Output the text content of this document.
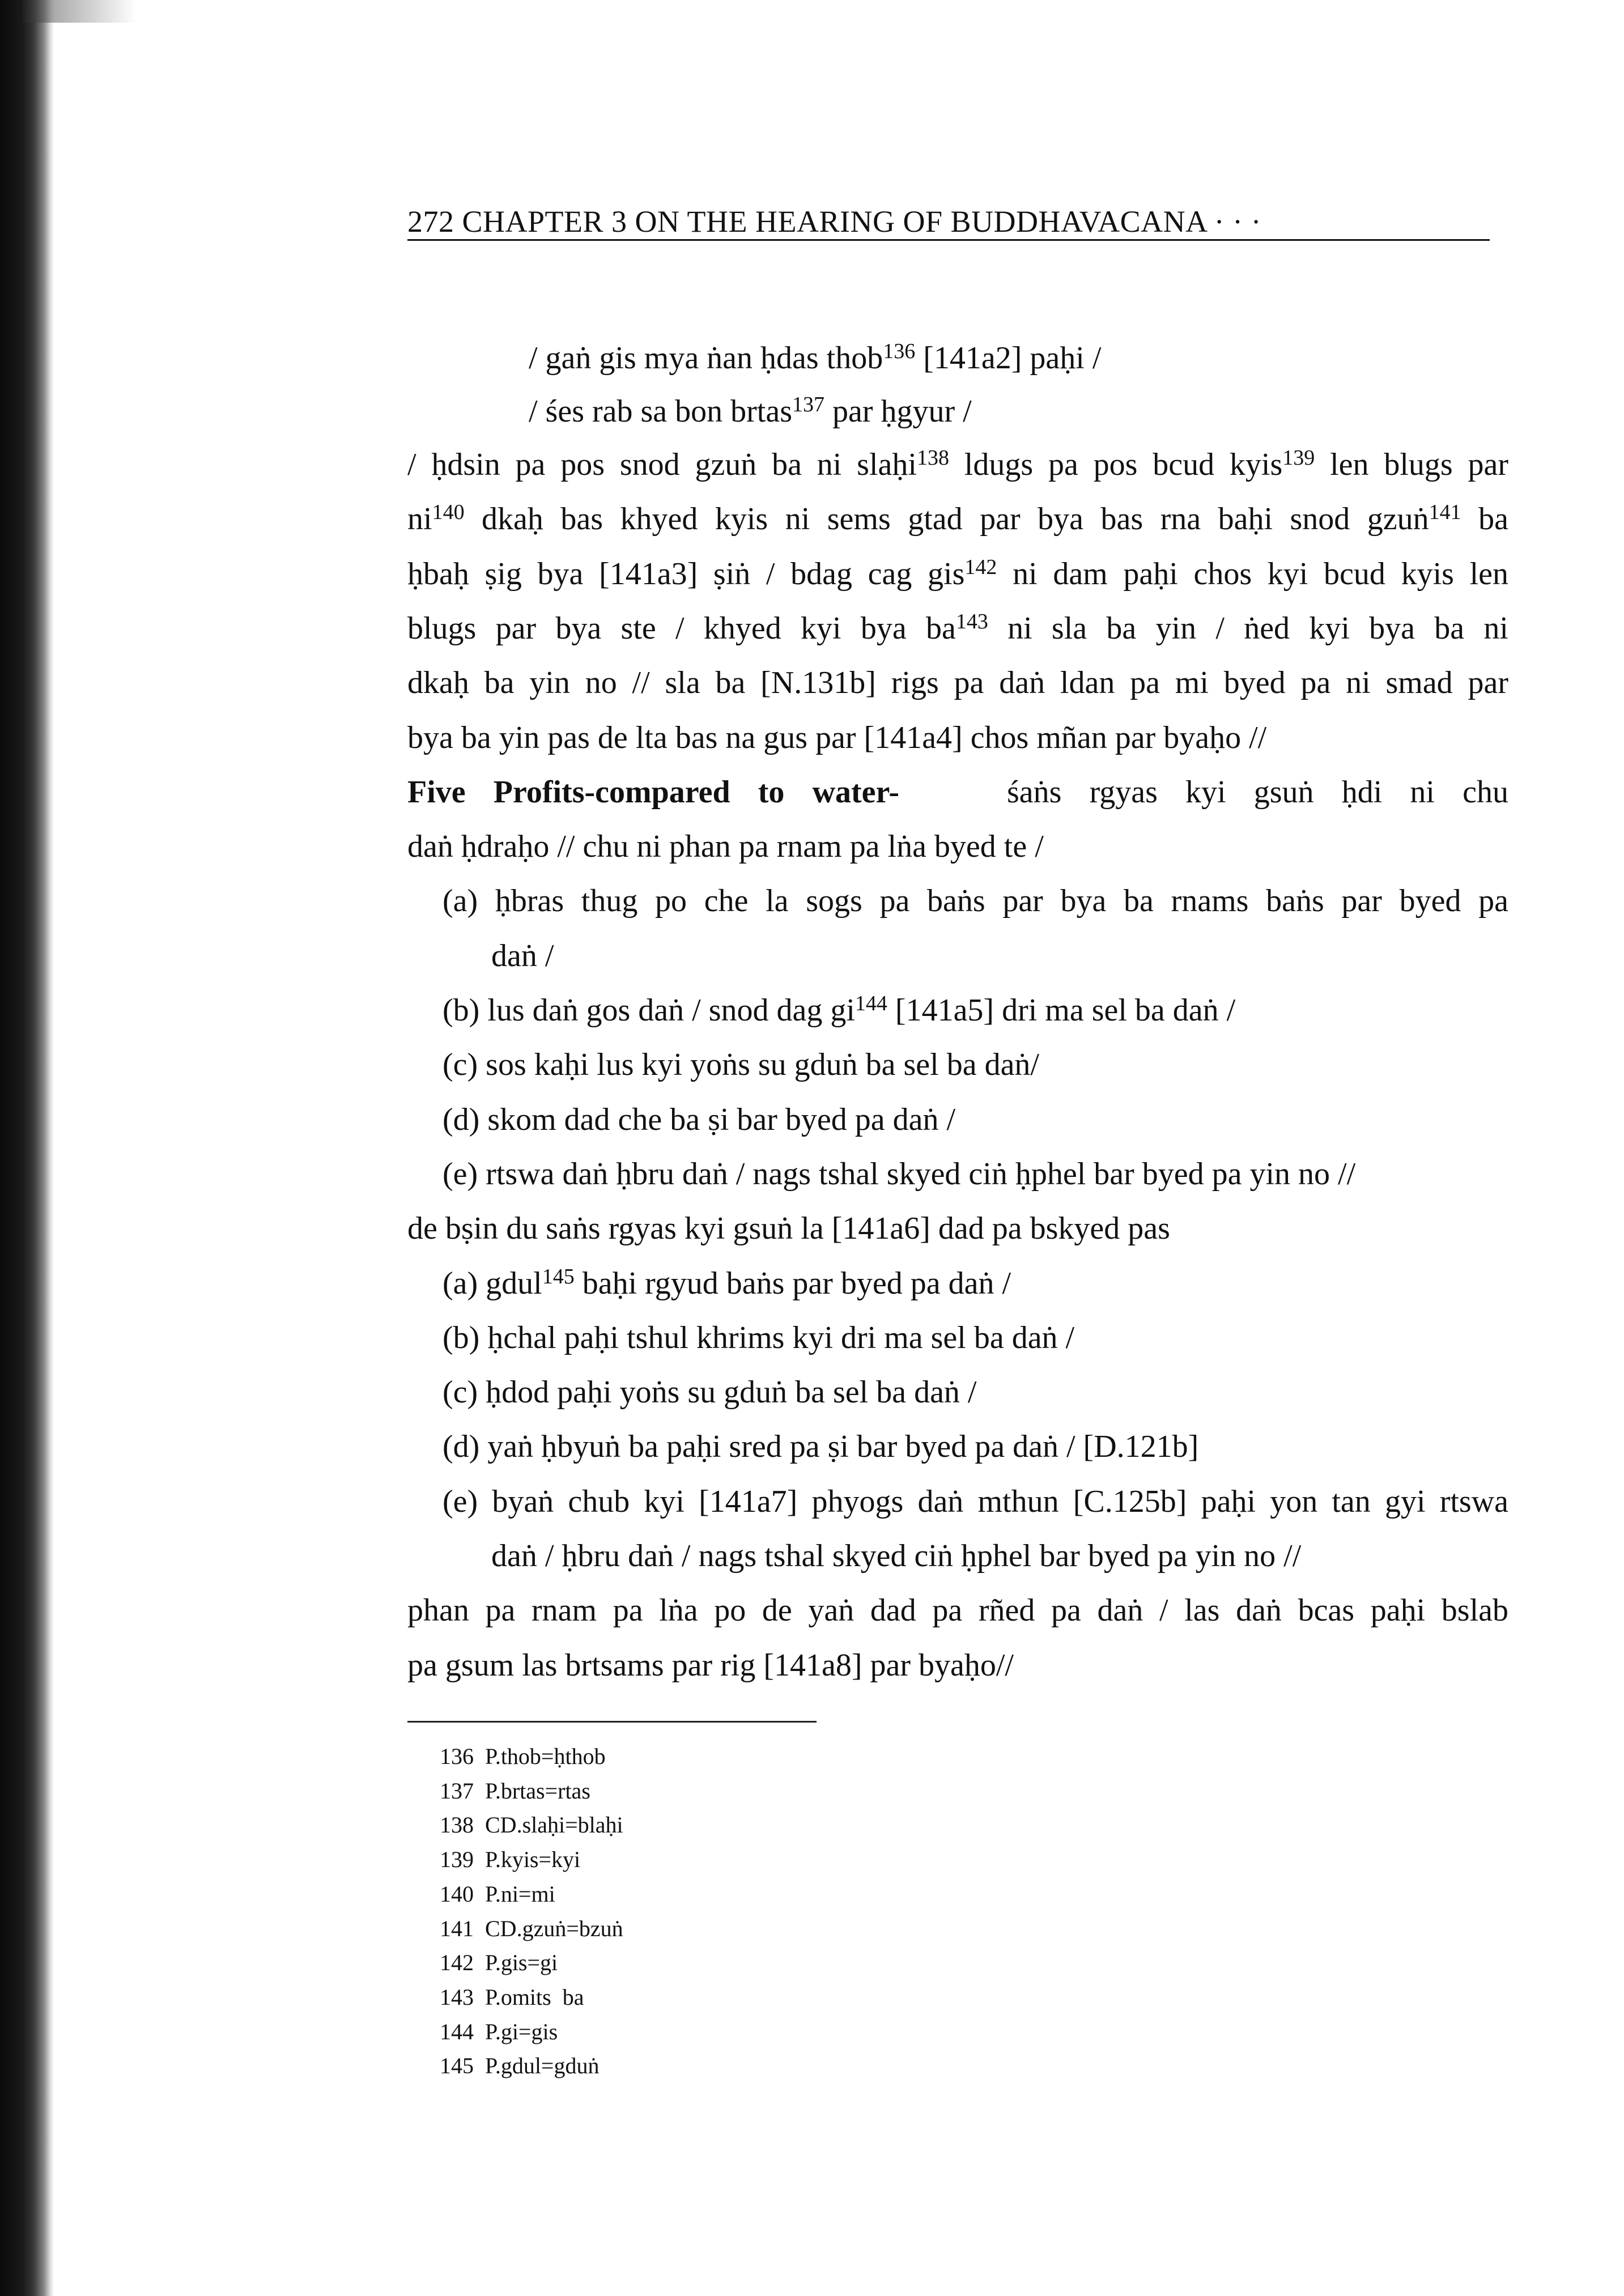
272 CHAPTER 3 ON THE HEARING OF BUDDHAVACANA · · ·
/ gaṅ gis mya ṅan ḥdas thob$^{136}$ [141a2] paḥi /
/ śes rab sa bon brtas$^{137}$ par ḥgyur /
/ ḥdsin pa pos snod gzuṅ ba ni slaḥi$^{138}$ ldugs pa pos bcud kyis$^{139}$ len blugs par
$ni^{140}$ dkaḥ bas khyed kyis ni sems gtad par bya bas rna baḥi snod gzuṅ$^{141}$ ba
ḥbaḥ ṣig bya [141a3] ṣiṅ / bdag cag gis$^{142}$ ni dam paḥi chos kyi bcud kyis len
blugs par bya ste / khyed kyi bya $ba^{143}$ ni sla ba yin / ṅed kyi bya ba ni
dkaḥ ba yin no // sla ba [N.131b] rigs pa daṅ ldan pa mi byed pa ni smad par
bya ba yin pas de lta bas na gus par [141a4] chos mñan par byaḥo //
Five Profits-compared to water-	śaṅs rgyas kyi gsuṅ ḥdi ni chu
daṅ ḥdraḥo // chu ni phan pa rnam pa lṅa byed te /
(a) ḥbras thug po che la sogs pa baṅs par bya ba rnams baṅs par byed pa
daṅ /
(b) lus daṅ gos daṅ / snod dag $gi^{144}$ [141a5] dri ma sel ba daṅ /
(c) sos kaḥi lus kyi yoṅs su gduṅ ba sel ba daṅ/
(d) skom dad che ba ṣi bar byed pa daṅ /
(e) rtswa daṅ ḥbru daṅ / nags tshal skyed ciṅ ḥphel bar byed pa yin no //
de bṣin du saṅs rgyas kyi gsuṅ la [141a6] dad pa bskyed pas
(a) gdul$^{145}$ baḥi rgyud baṅs par byed pa daṅ /
(b) ḥchal paḥi tshul khrims kyi dri ma sel ba daṅ /
(c) ḥdod paḥi yoṅs su gduṅ ba sel ba daṅ /
(d) yaṅ ḥbyuṅ ba paḥi sred pa ṣi bar byed pa daṅ / [D.121b]
(e) byaṅ chub kyi [141a7] phyogs daṅ mthun [C.125b] paḥi yon tan gyi rtswa
daṅ / ḥbru daṅ / nags tshal skyed ciṅ ḥphel bar byed pa yin no //
phan pa rnam pa lṅa po de yaṅ dad pa rñed pa daṅ / las daṅ bcas paḥi bslab
pa gsum las brtsams par rig [141a8] par byaḥo//
136  P.thob=ḥthob
137  P.brtas=rtas
138  CD.slaḥi=blaḥi
139  P.kyis=kyi
140  P.ni=mi
141  CD.gzuṅ=bzuṅ
142  P.gis=gi
143  P.omits  ba
144  P.gi=gis
145  P.gdul=gduṅ
